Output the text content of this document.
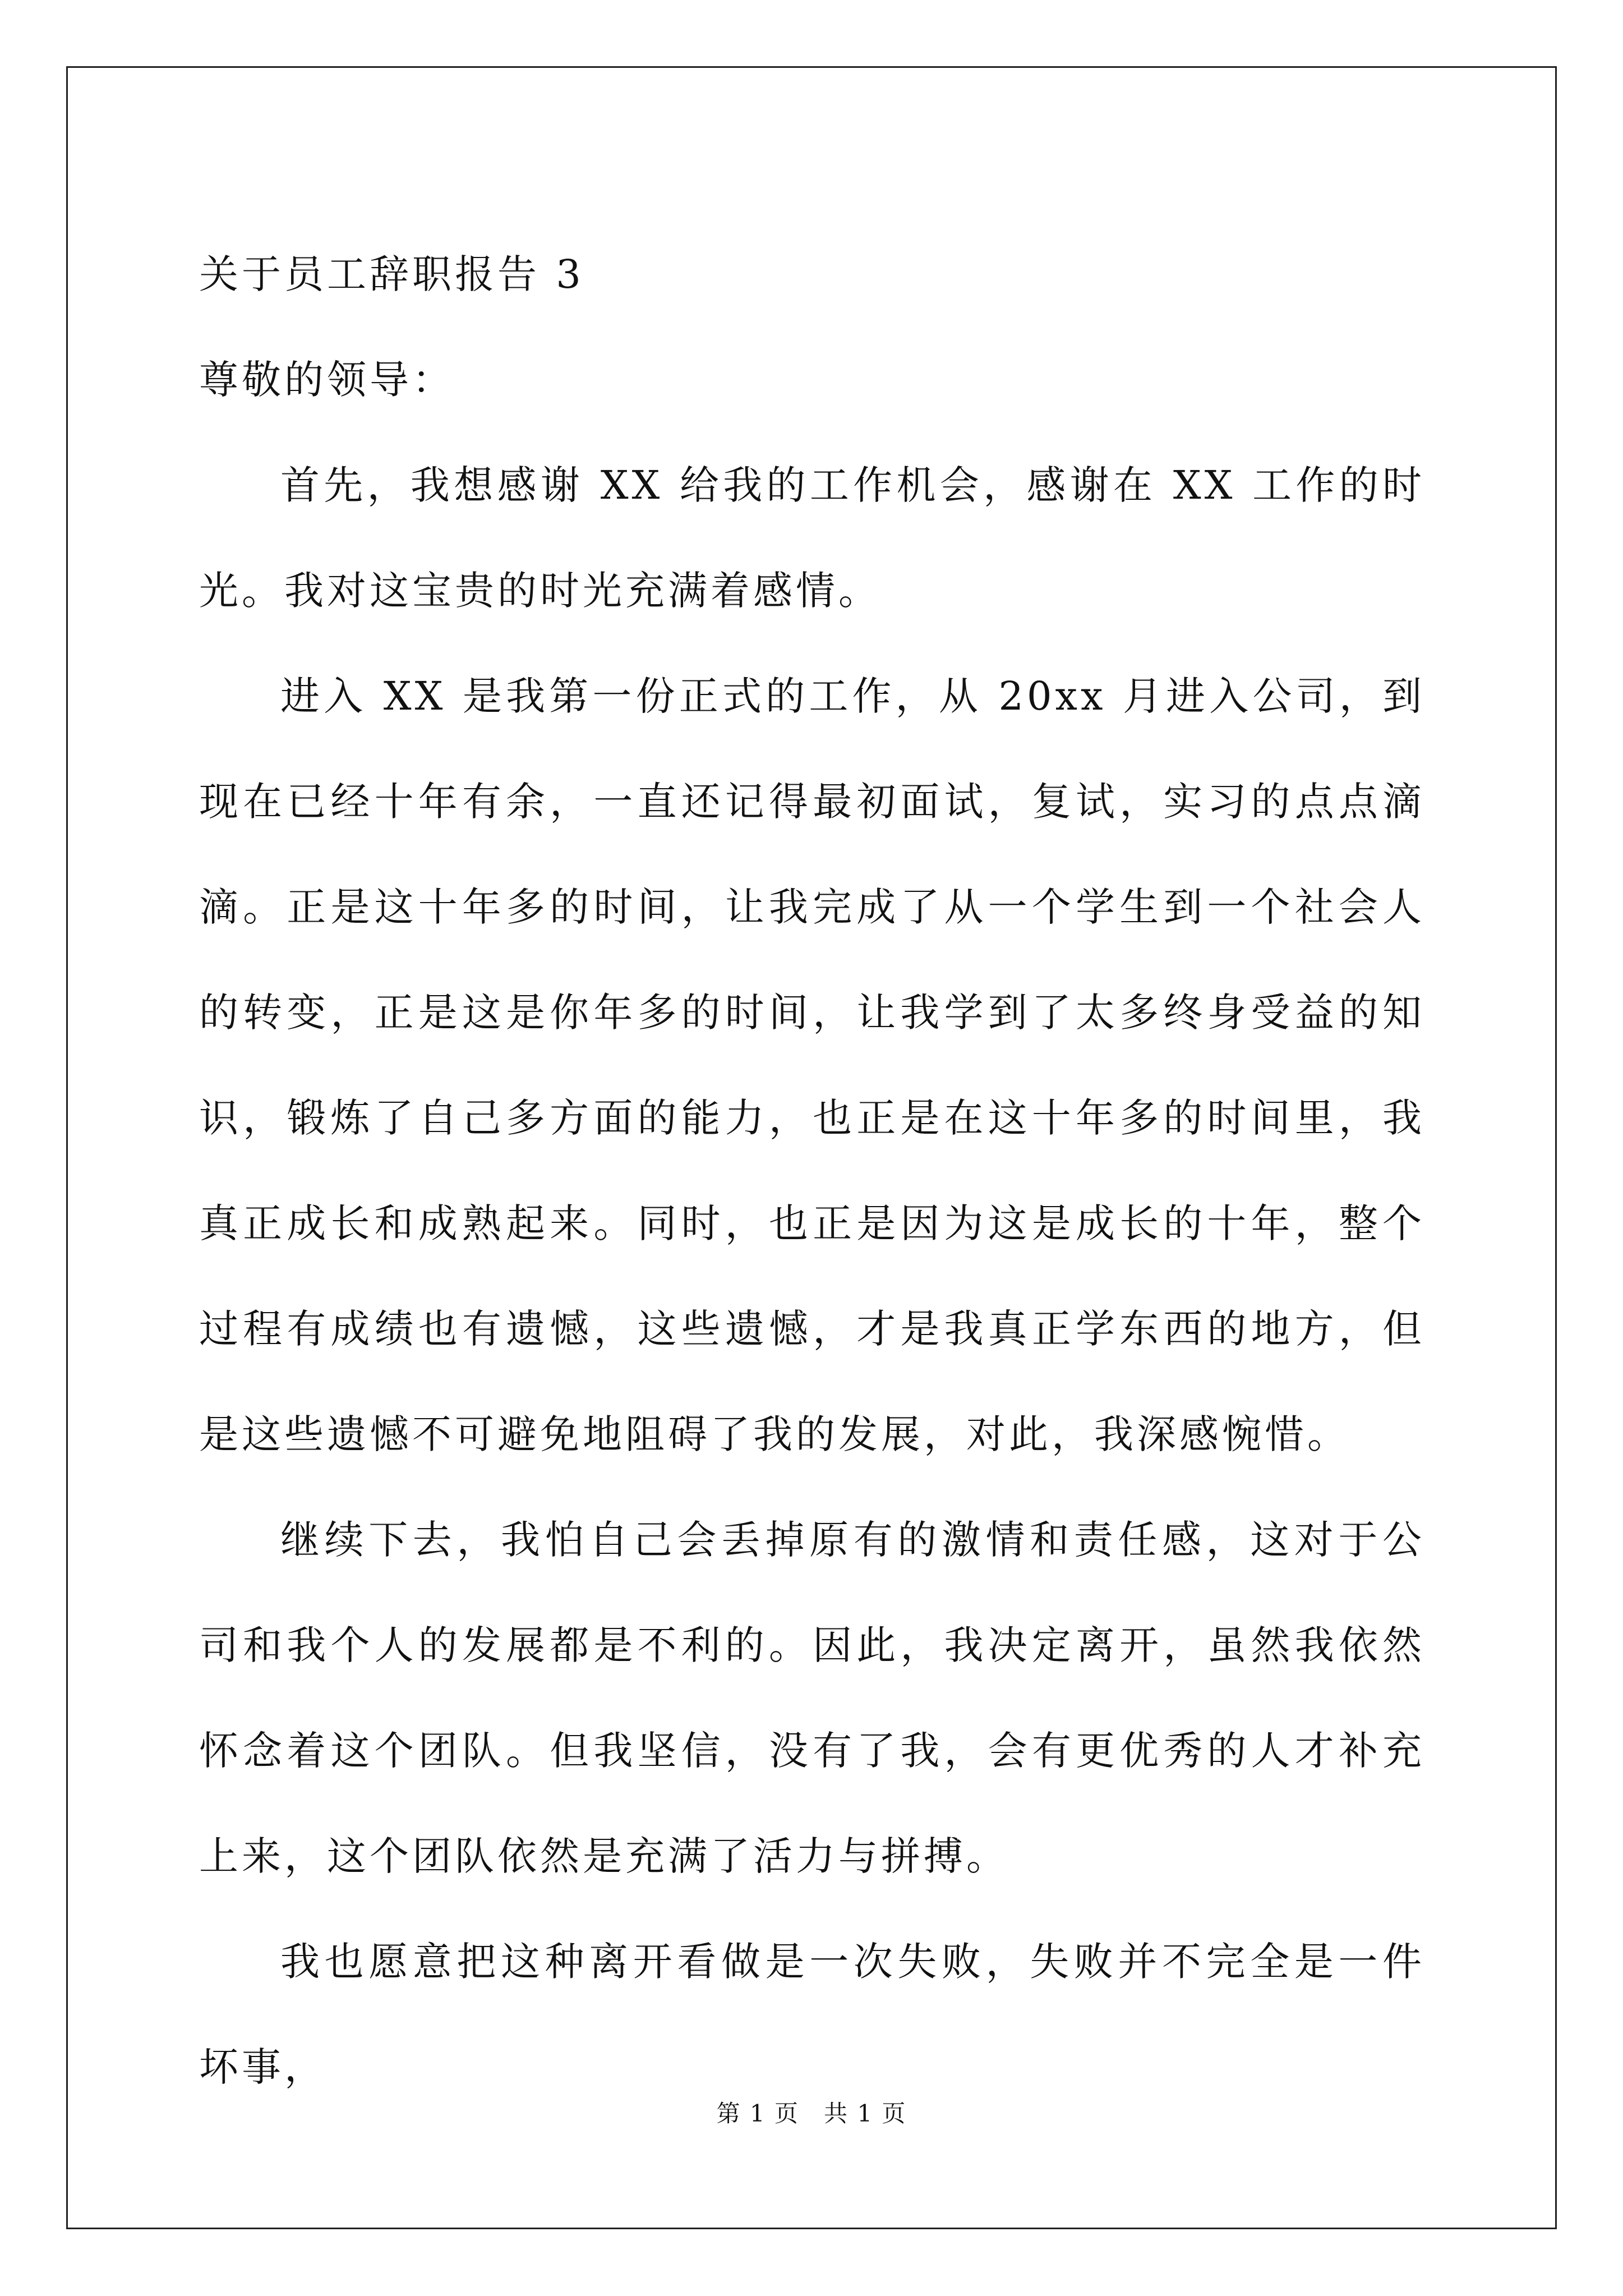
关于员工辞职报告 3

尊敬的领导：

首先，我想感谢 XX 给我的工作机会，感谢在 XX 工作的时光。我对这宝贵的时光充满着感情。

进入 XX 是我第一份正式的工作，从 20xx 月进入公司，到现在已经十年有余，一直还记得最初面试，复试，实习的点点滴滴。正是这十年多的时间，让我完成了从一个学生到一个社会人的转变，正是这是你年多的时间，让我学到了太多终身受益的知识，锻炼了自己多方面的能力，也正是在这十年多的时间里，我真正成长和成熟起来。同时，也正是因为这是成长的十年，整个过程有成绩也有遗憾，这些遗憾，才是我真正学东西的地方，但是这些遗憾不可避免地阻碍了我的发展，对此，我深感惋惜。

继续下去，我怕自己会丢掉原有的激情和责任感，这对于公司和我个人的发展都是不利的。因此，我决定离开，虽然我依然怀念着这个团队。但我坚信，没有了我，会有更优秀的人才补充上来，这个团队依然是充满了活力与拼搏。

我也愿意把这种离开看做是一次失败，失败并不完全是一件坏事，

第 1 页　共 1 页
